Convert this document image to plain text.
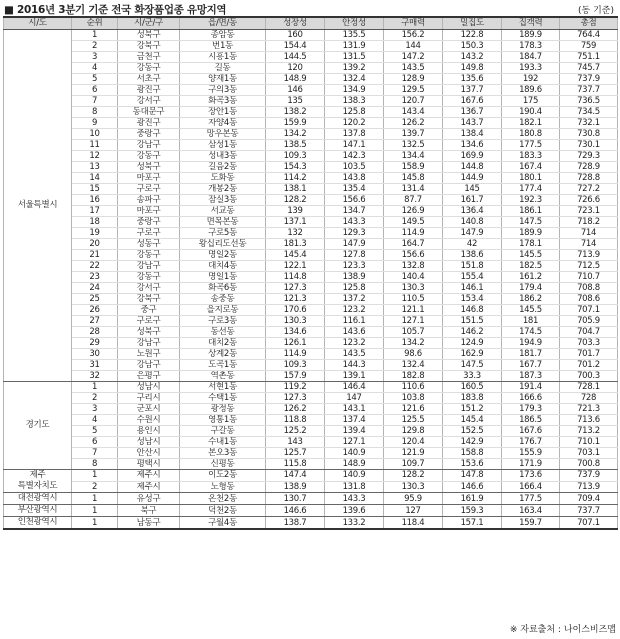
■ 2016년 3분기 기준 전국 화장품업종 유망지역	(동 기준)
시/도	순위	시/군/구	읍/면/동	성장성	안정성	구매력	밀집도	집객력	총점
서울특별시	1	성북구	종암동	160	135.5	156.2	122.8	189.9	764.4
	2	강북구	번1동	154.4	131.9	144	150.3	178.3	759
	3	금천구	시흥1동	144.5	131.5	147.2	143.2	184.7	751.1
	4	강동구	길동	120	139.2	143.5	149.8	193.3	745.7
	5	서초구	양재1동	148.9	132.4	128.9	135.6	192	737.9
	6	광진구	구의3동	146	134.9	129.5	137.7	189.6	737.7
	7	강서구	화곡3동	135	138.3	120.7	167.6	175	736.5
	8	동대문구	장안1동	138.2	125.8	143.4	136.7	190.4	734.5
	9	광진구	자양4동	159.9	120.2	126.2	143.7	182.1	732.1
	10	중랑구	망우본동	134.2	137.8	139.7	138.4	180.8	730.8
	11	강남구	삼성1동	138.5	147.1	132.5	134.6	177.5	730.1
	12	강동구	성내3동	109.3	142.3	134.4	169.9	183.3	729.3
	13	성북구	길음2동	154.3	103.5	158.9	144.8	167.4	728.9
	14	마포구	도화동	114.2	143.8	145.8	144.9	180.1	728.8
	15	구로구	개봉2동	138.1	135.4	131.4	145	177.4	727.2
	16	송파구	잠실3동	128.2	156.6	87.7	161.7	192.3	726.6
	17	마포구	서교동	139	134.7	126.9	136.4	186.1	723.1
	18	중랑구	면목본동	137.1	143.3	149.5	140.8	147.5	718.2
	19	구로구	구로5동	132	129.3	114.9	147.9	189.9	714
	20	성동구	왕십리도선동	181.3	147.9	164.7	42	178.1	714
	21	강동구	명일2동	145.4	127.8	156.6	138.6	145.5	713.9
	22	강남구	대치4동	122.1	123.3	132.8	151.8	182.5	712.5
	23	강동구	명일1동	114.8	138.9	140.4	155.4	161.2	710.7
	24	강서구	화곡6동	127.3	125.8	130.3	146.1	179.4	708.8
	25	강북구	송중동	121.3	137.2	110.5	153.4	186.2	708.6
	26	중구	을지로동	170.6	123.2	121.1	146.8	145.5	707.1
	27	구로구	구로3동	130.3	116.1	127.1	151.5	181	705.9
	28	성북구	동선동	134.6	143.6	105.7	146.2	174.5	704.7
	29	강남구	대치2동	126.1	123.2	134.2	124.9	194.9	703.3
	30	노원구	상계2동	114.9	143.5	98.6	162.9	181.7	701.7
	31	강남구	도곡1동	109.3	144.3	132.4	147.5	167.7	701.2
	32	은평구	역촌동	157.9	139.1	182.8	33.3	187.3	700.3
경기도	1	성남시	서현1동	119.2	146.4	110.6	160.5	191.4	728.1
	2	구리시	수택1동	127.3	147	103.8	183.8	166.6	728
	3	군포시	광정동	126.2	143.1	121.6	151.2	179.3	721.3
	4	수원시	영통1동	118.8	137.4	125.5	145.4	186.5	713.6
	5	용인시	구갈동	125.2	139.4	129.8	152.5	167.6	713.2
	6	성남시	수내1동	143	127.1	120.4	142.9	176.7	710.1
	7	안산시	본오3동	125.7	140.9	121.9	158.8	155.9	703.1
	8	평택시	신평동	115.8	148.9	109.7	153.6	171.9	700.8
제주
특별자치도	1	제주시	이도2동	147.4	140.9	128.2	147.8	173.6	737.9
	2	제주시	노형동	138.9	131.8	130.3	146.6	166.4	713.9
대전광역시	1	유성구	온천2동	130.7	143.3	95.9	161.9	177.5	709.4
부산광역시	1	북구	덕천2동	146.6	139.6	127	159.3	163.4	737.7
인천광역시	1	남동구	구월4동	138.7	133.2	118.4	157.1	159.7	707.1
※ 자료출처 : 나이스비즈맵
